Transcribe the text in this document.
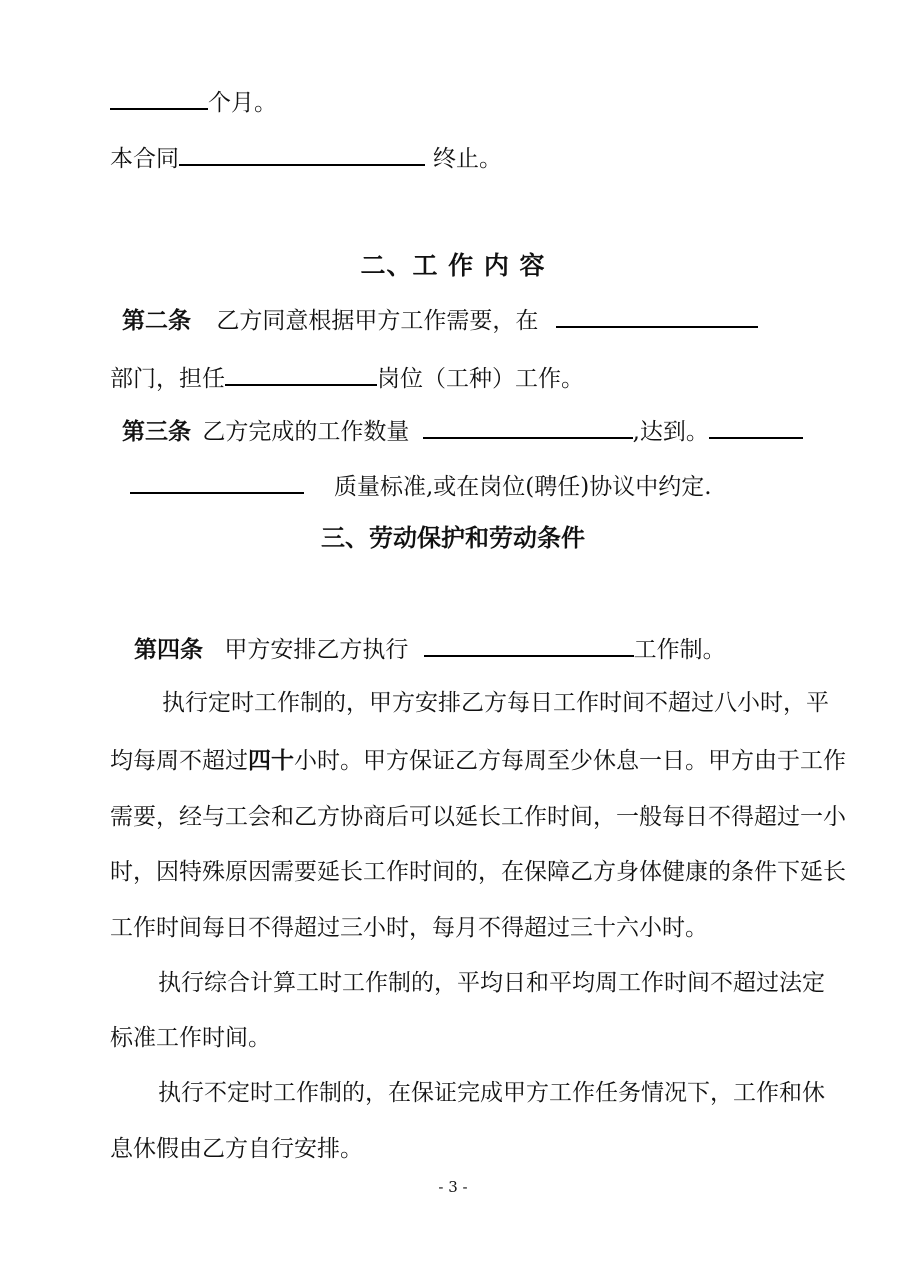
个月。
本合同	终止。
二、工 作 内 容
第二条 乙方同意根据甲方工作需要，在
部门，担任	岗位（工种）工作。
第三条 乙方完成的工作数量	,达到。
质量标准,或在岗位(聘任)协议中约定.
三、劳动保护和劳动条件
第四条 甲方安排乙方执行	工作制。
执行定时工作制的，甲方安排乙方每日工作时间不超过八小时，平
均每周不超过四十小时。甲方保证乙方每周至少休息一日。甲方由于工作
需要，经与工会和乙方协商后可以延长工作时间，一般每日不得超过一小
时，因特殊原因需要延长工作时间的，在保障乙方身体健康的条件下延长
工作时间每日不得超过三小时，每月不得超过三十六小时。
执行综合计算工时工作制的，平均日和平均周工作时间不超过法定
标准工作时间。
执行不定时工作制的，在保证完成甲方工作任务情况下，工作和休
息休假由乙方自行安排。
- 3 -
